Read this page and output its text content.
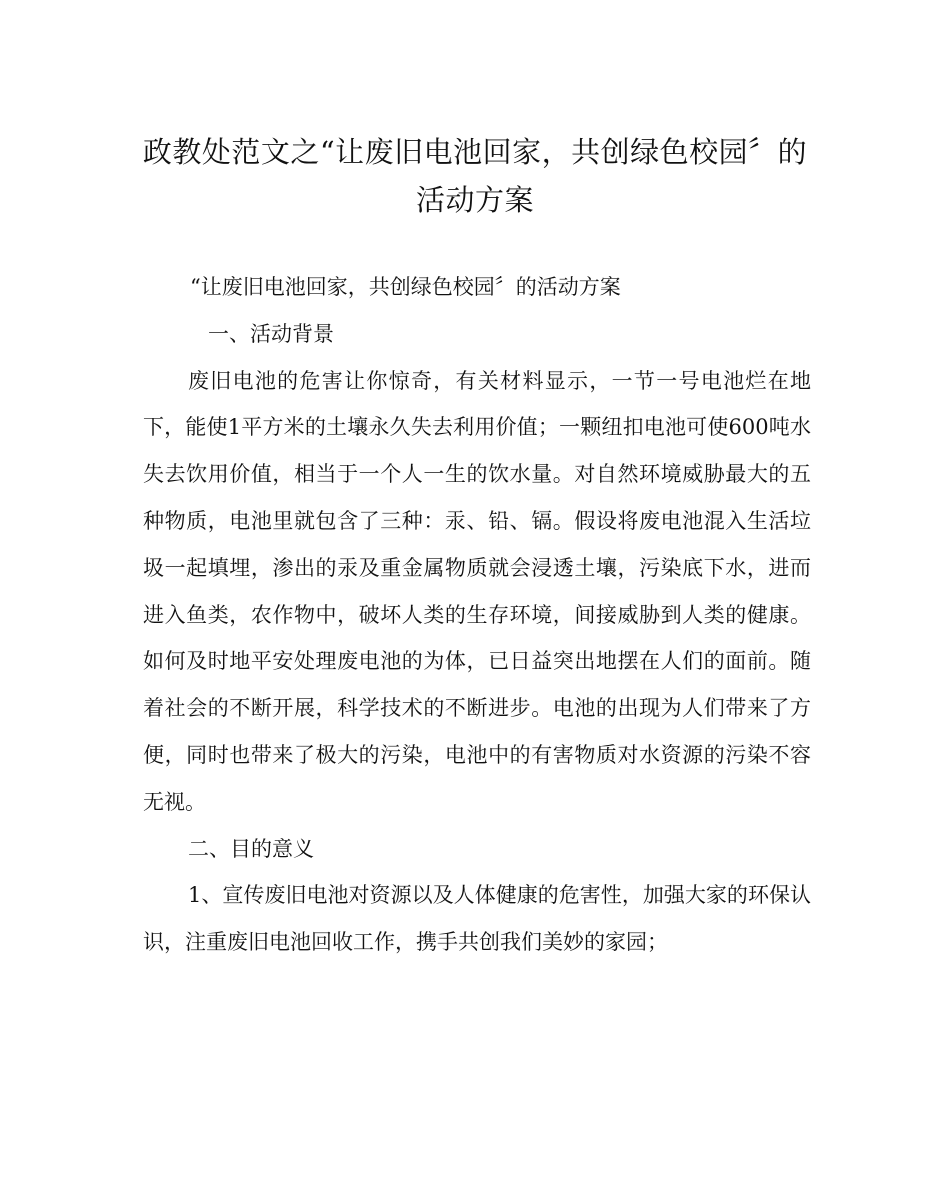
政教处范文之“让废旧电池回家，共创绿色校园〞的活动方案

“让废旧电池回家，共创绿色校园〞的活动方案

一、活动背景

废旧电池的危害让你惊奇，有关材料显示，一节一号电池烂在地下，能使1平方米的土壤永久失去利用价值；一颗纽扣电池可使600吨水失去饮用价值，相当于一个人一生的饮水量。对自然环境威胁最大的五种物质，电池里就包含了三种：汞、铅、镉。假设将废电池混入生活垃圾一起填埋，渗出的汞及重金属物质就会浸透土壤，污染底下水，进而进入鱼类，农作物中，破坏人类的生存环境，间接威胁到人类的健康。如何及时地平安处理废电池的为体，已日益突出地摆在人们的面前。随着社会的不断开展，科学技术的不断进步。电池的出现为人们带来了方便，同时也带来了极大的污染，电池中的有害物质对水资源的污染不容无视。

二、目的意义

1、宣传废旧电池对资源以及人体健康的危害性，加强大家的环保认识，注重废旧电池回收工作，携手共创我们美妙的家园；
